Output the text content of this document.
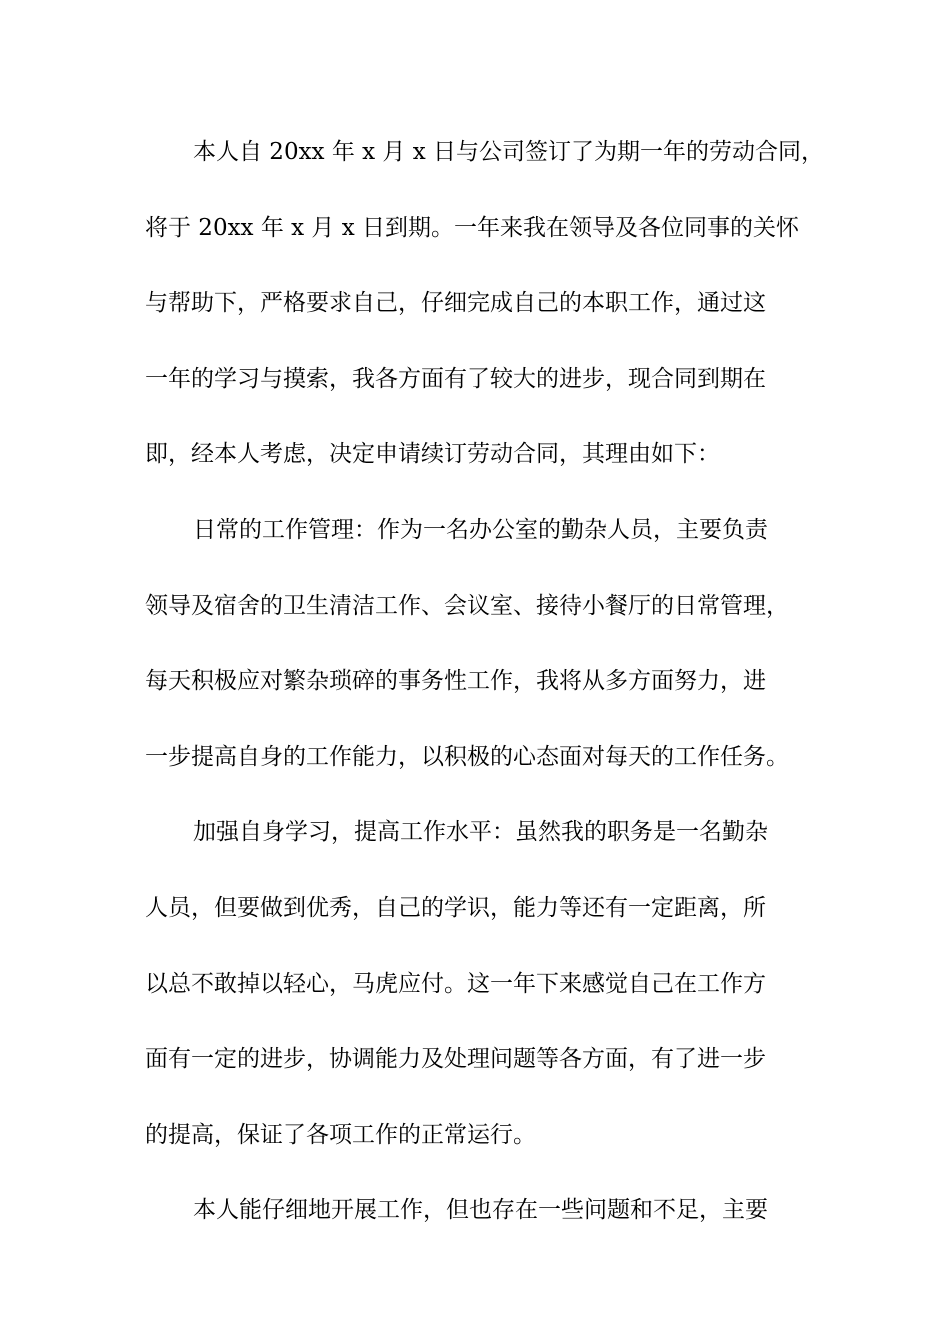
本人自 20xx 年 x 月 x 日与公司签订了为期一年的劳动合同，
将于 20xx 年 x 月 x 日到期。一年来我在领导及各位同事的关怀
与帮助下，严格要求自己，仔细完成自己的本职工作，通过这
一年的学习与摸索，我各方面有了较大的进步，现合同到期在
即，经本人考虑，决定申请续订劳动合同，其理由如下：
日常的工作管理：作为一名办公室的勤杂人员，主要负责
领导及宿舍的卫生清洁工作、会议室、接待小餐厅的日常管理，
每天积极应对繁杂琐碎的事务性工作，我将从多方面努力，进
一步提高自身的工作能力，以积极的心态面对每天的工作任务。
加强自身学习，提高工作水平：虽然我的职务是一名勤杂
人员，但要做到优秀，自己的学识，能力等还有一定距离，所
以总不敢掉以轻心，马虎应付。这一年下来感觉自己在工作方
面有一定的进步，协调能力及处理问题等各方面，有了进一步
的提高，保证了各项工作的正常运行。
本人能仔细地开展工作，但也存在一些问题和不足，主要
